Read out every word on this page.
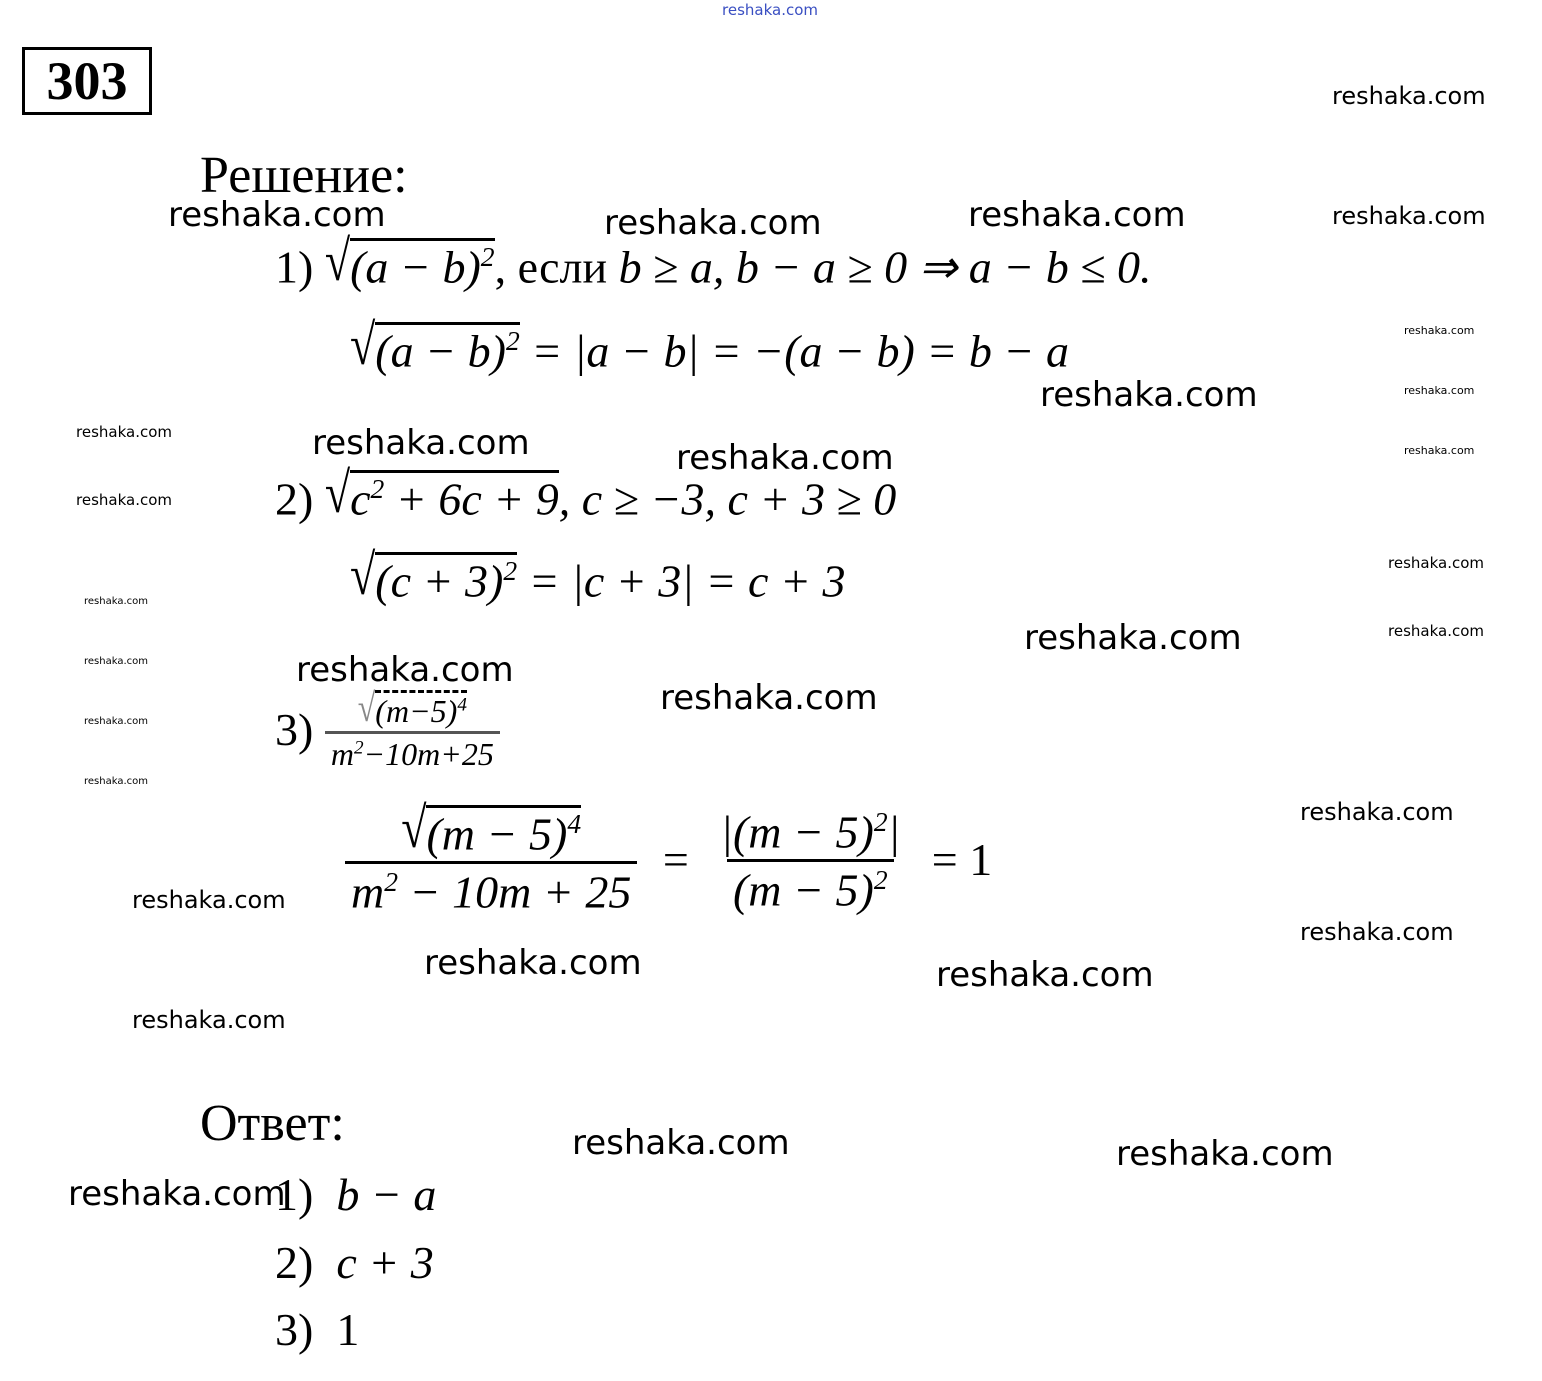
303
Решение:
1) $√(a - b)^2$, если b ≥ a, b − a ≥ 0 ⇒ a − b ≤ 0.
$√(a - b)^2 = |a - b| = -(a - b) = b - a$
2) $√c^2 + 6c + 9$, c ≥ −3, c + 3 ≥ 0
$√(c + 3)^2 = |c + 3| = c + 3$
$3) \frac{√(m-5)^4}{m^2-10m+25}$
$\frac{√(m - 5)^4}{m^2 - 10m + 25} = \frac{|(m - 5)^2|}{(m - 5)^2} = 1$
Ответ:
1) b − a
2) c + 3
3) 1
reshaka.com
reshaka.com
reshaka.com	reshaka.com	reshaka.com	reshaka.com
reshaka.com
reshaka.com	reshaka.com
reshaka.com	reshaka.com	reshaka.com	reshaka.com
reshaka.com
reshaka.com
reshaka.com
reshaka.com	reshaka.com
reshaka.com	reshaka.com
reshaka.com
reshaka.com
reshaka.com
reshaka.com
reshaka.com
reshaka.com
reshaka.com	reshaka.com
reshaka.com
reshaka.com	reshaka.com
reshaka.com
